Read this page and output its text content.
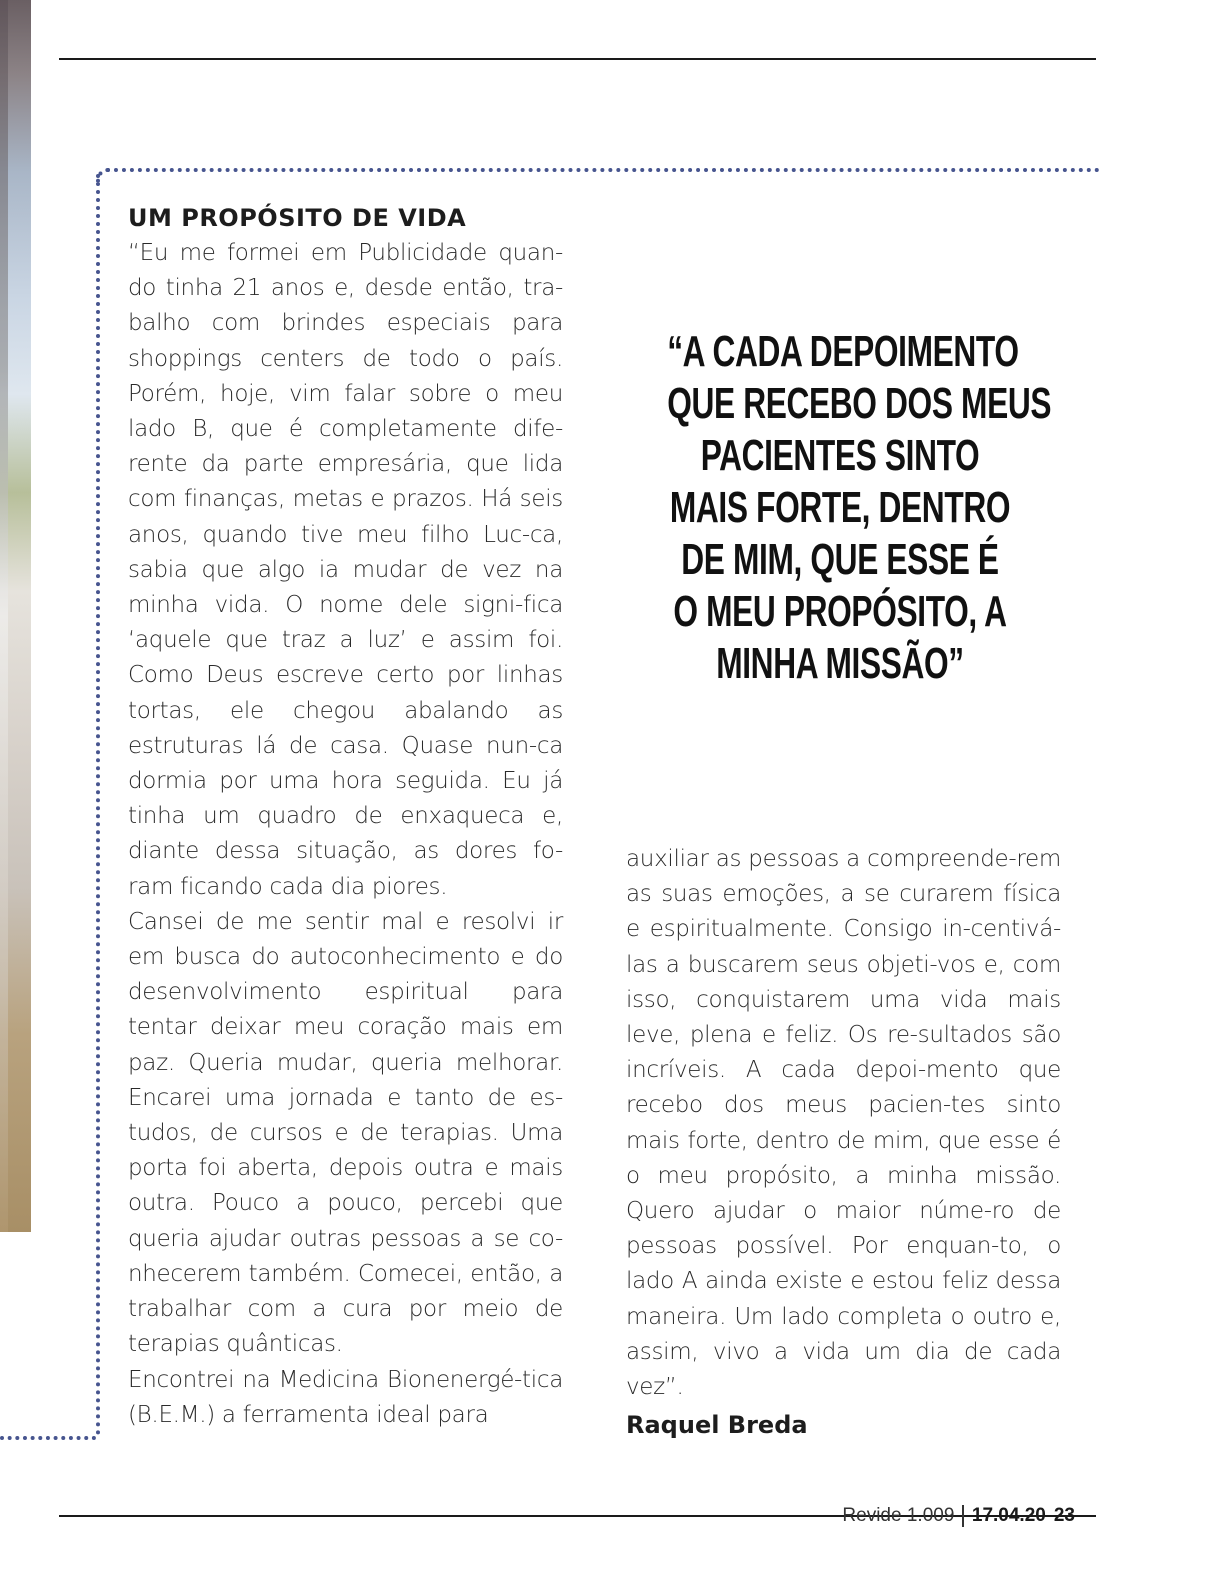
UM PROPÓSITO DE VIDA

“Eu me formei em Publicidade quan-do tinha 21 anos e, desde então, tra-balho com brindes especiais para shoppings centers de todo o país. Porém, hoje, vim falar sobre o meu lado B, que é completamente dife-rente da parte empresária, que lida com finanças, metas e prazos. Há seis anos, quando tive meu filho Luc-ca, sabia que algo ia mudar de vez na minha vida. O nome dele signi-fica ‘aquele que traz a luz’ e assim foi. Como Deus escreve certo por linhas tortas, ele chegou abalando as estruturas lá de casa. Quase nun-ca dormia por uma hora seguida. Eu já tinha um quadro de enxaqueca e, diante dessa situação, as dores fo-ram ficando cada dia piores.

Cansei de me sentir mal e resolvi ir em busca do autoconhecimento e do desenvolvimento espiritual para tentar deixar meu coração mais em paz. Queria mudar, queria melhorar. Encarei uma jornada e tanto de es-tudos, de cursos e de terapias. Uma porta foi aberta, depois outra e mais outra. Pouco a pouco, percebi que queria ajudar outras pessoas a se co-nhecerem também. Comecei, então, a trabalhar com a cura por meio de terapias quânticas.

Encontrei na Medicina Bionenergé-tica (B.E.M.) a ferramenta ideal para

“A CADA DEPOIMENTO
QUE RECEBO DOS MEUS
PACIENTES SINTO
MAIS FORTE, DENTRO
DE MIM, QUE ESSE É
O MEU PROPÓSITO, A
MINHA MISSÃO”

auxiliar as pessoas a compreende-rem as suas emoções, a se curarem física e espiritualmente. Consigo in-centivá-las a buscarem seus objeti-vos e, com isso, conquistarem uma vida mais leve, plena e feliz. Os re-sultados são incríveis. A cada depoi-mento que recebo dos meus pacien-tes sinto mais forte, dentro de mim, que esse é o meu propósito, a minha missão. Quero ajudar o maior núme-ro de pessoas possível. Por enquan-to, o lado A ainda existe e estou feliz dessa maneira. Um lado completa o outro e, assim, vivo a vida um dia de cada vez”.

Raquel Breda

Revide 1.009 17.04.20 23
